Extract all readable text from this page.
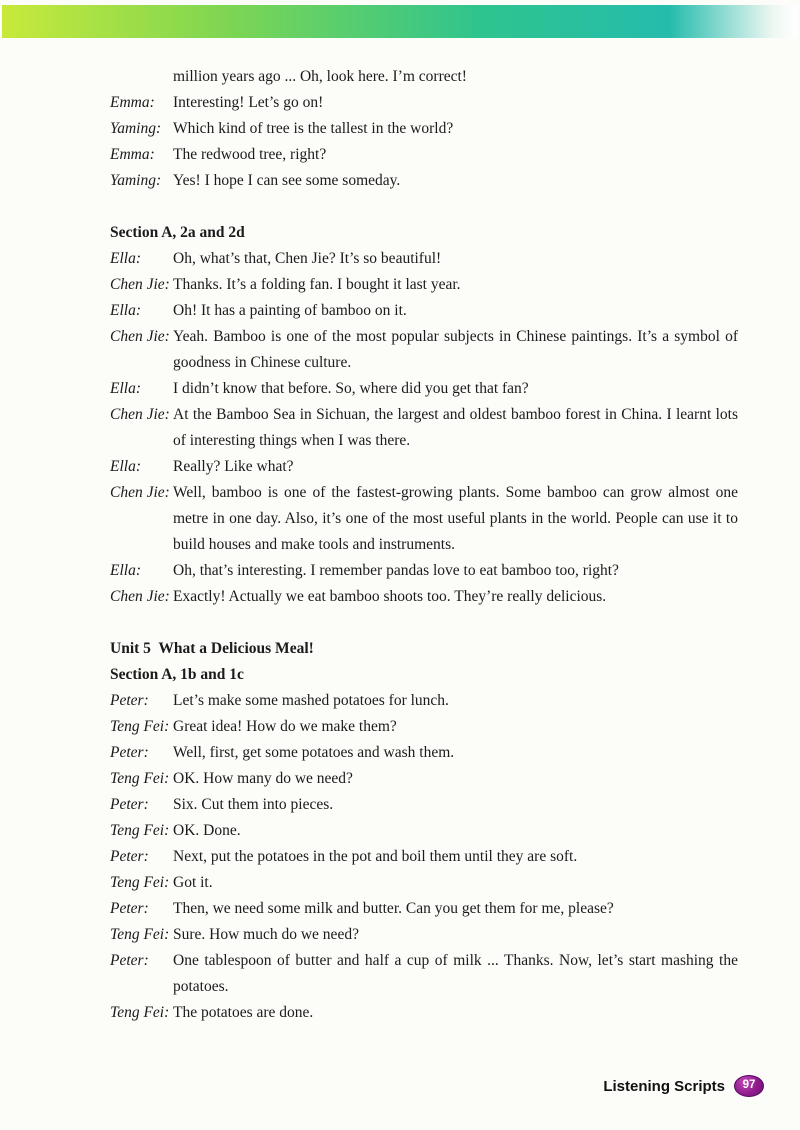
million years ago ... Oh, look here. I’m correct!
Emma:	Interesting! Let’s go on!
Yaming: Which kind of tree is the tallest in the world?
Emma:	The redwood tree, right?
Yaming: Yes! I hope I can see some someday.
Section A, 2a and 2d
Ella:	Oh, what’s that, Chen Jie? It’s so beautiful!
Chen Jie: Thanks. It’s a folding fan. I bought it last year.
Ella:	Oh! It has a painting of bamboo on it.
Chen Jie: Yeah. Bamboo is one of the most popular subjects in Chinese paintings. It’s a symbol of goodness in Chinese culture.
Ella:	I didn’t know that before. So, where did you get that fan?
Chen Jie: At the Bamboo Sea in Sichuan, the largest and oldest bamboo forest in China. I learnt lots of interesting things when I was there.
Ella:	Really? Like what?
Chen Jie: Well, bamboo is one of the fastest-growing plants. Some bamboo can grow almost one metre in one day. Also, it’s one of the most useful plants in the world. People can use it to build houses and make tools and instruments.
Ella:	Oh, that’s interesting. I remember pandas love to eat bamboo too, right?
Chen Jie: Exactly! Actually we eat bamboo shoots too. They’re really delicious.
Unit 5  What a Delicious Meal!
Section A, 1b and 1c
Peter:	Let’s make some mashed potatoes for lunch.
Teng Fei: Great idea! How do we make them?
Peter:	Well, first, get some potatoes and wash them.
Teng Fei: OK. How many do we need?
Peter:	Six. Cut them into pieces.
Teng Fei: OK. Done.
Peter:	Next, put the potatoes in the pot and boil them until they are soft.
Teng Fei: Got it.
Peter:	Then, we need some milk and butter. Can you get them for me, please?
Teng Fei: Sure. How much do we need?
Peter:	One tablespoon of butter and half a cup of milk ... Thanks. Now, let’s start mashing the potatoes.
Teng Fei: The potatoes are done.
Listening Scripts 97
